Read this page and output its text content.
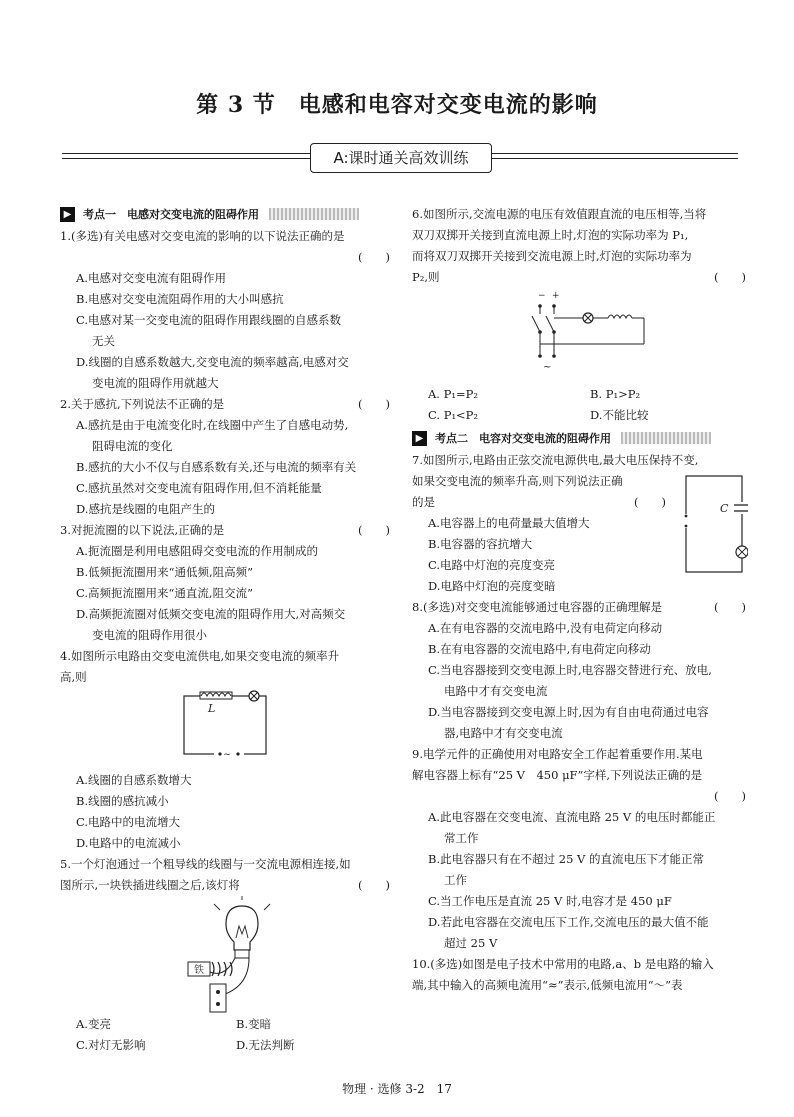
第 3 节　电感和电容对交变电流的影响
A:课时通关高效训练
▶	考点一　电感对交变电流的阻碍作用
1.(多选)有关电感对交变电流的影响的以下说法正确的是
(　　)
A.电感对交变电流有阻碍作用
B.电感对交变电流阻碍作用的大小叫感抗
C.电感对某一交变电流的阻碍作用跟线圈的自感系数
无关
D.线圈的自感系数越大,交变电流的频率越高,电感对交
变电流的阻碍作用就越大
2.关于感抗,下列说法不正确的是	(　　)
A.感抗是由于电流变化时,在线圈中产生了自感电动势,
阻碍电流的变化
B.感抗的大小不仅与自感系数有关,还与电流的频率有关
C.感抗虽然对交变电流有阻碍作用,但不消耗能量
D.感抗是线圈的电阻产生的
3.对扼流圈的以下说法,正确的是	(　　)
A.扼流圈是利用电感阻碍交变电流的作用制成的
B.低频扼流圈用来“通低频,阻高频”
C.高频扼流圈用来“通直流,阻交流”
D.高频扼流圈对低频交变电流的阻碍作用大,对高频交
变电流的阻碍作用很小
4.如图所示电路由交变电流供电,如果交变电流的频率升
高,则
~
L
A.线圈的自感系数增大
B.线圈的感抗减小
C.电路中的电流增大
D.电路中的电流减小
5.一个灯泡通过一个粗导线的线圈与一交流电源相连接,如
图所示,一块铁插进线圈之后,该灯将	(　　)
铁
A.变亮	B.变暗
C.对灯无影响	D.无法判断
6.如图所示,交流电源的电压有效值跟直流的电压相等,当将
双刀双掷开关接到直流电源上时,灯泡的实际功率为 P₁,
而将双刀双掷开关接到交流电源上时,灯泡的实际功率为
P₂,则	(　　)
− +
~
A. P₁=P₂	B. P₁>P₂
C. P₁<P₂	D.不能比较
▶	考点二　电容对交变电流的阻碍作用
7.如图所示,电路由正弦交流电源供电,最大电压保持不变,
如果交变电流的频率升高,则下列说法正确
的是	(　　)	C
A.电容器上的电荷量最大值增大
B.电容器的容抗增大
C.电路中灯泡的亮度变亮
D.电路中灯泡的亮度变暗
8.(多选)对交变电流能够通过电容器的正确理解是	(　　)
A.在有电容器的交流电路中,没有电荷定向移动
B.在有电容器的交流电路中,有电荷定向移动
C.当电容器接到交变电源上时,电容器交替进行充、放电,
电路中才有交变电流
D.当电容器接到交变电源上时,因为有自由电荷通过电容
器,电路中才有交变电流
9.电学元件的正确使用对电路安全工作起着重要作用.某电
解电容器上标有“25 V　450 μF”字样,下列说法正确的是
(　　)
A.此电容器在交变电流、直流电路 25 V 的电压时都能正
常工作
B.此电容器只有在不超过 25 V 的直流电压下才能正常
工作
C.当工作电压是直流 25 V 时,电容才是 450 μF
D.若此电容器在交流电压下工作,交流电压的最大值不能
超过 25 V
10.(多选)如图是电子技术中常用的电路,a、b 是电路的输入
端,其中输入的高频电流用“≈”表示,低频电流用“～”表
物理 · 选修 3-2　17
